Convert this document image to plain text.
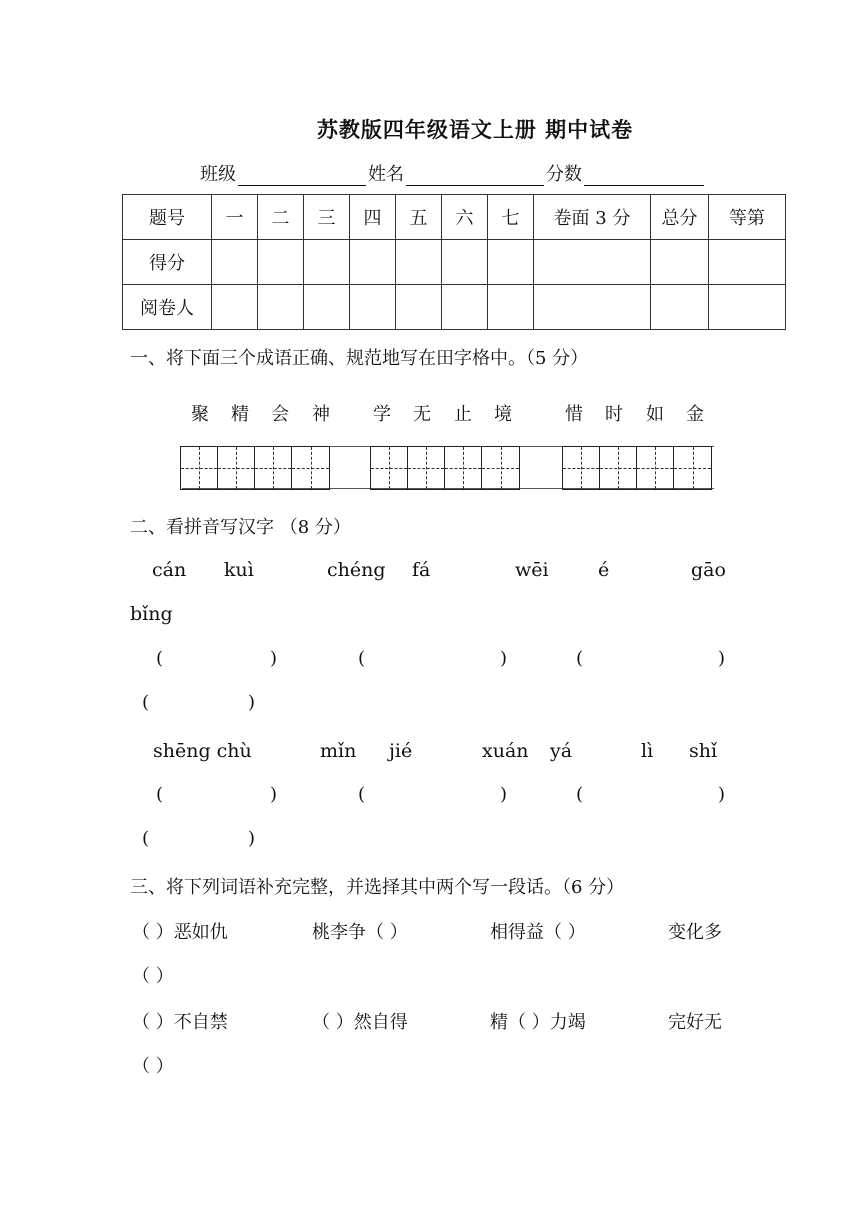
苏教版四年级语文上册 期中试卷
班级	姓名	分数
题号	一	二	三	四	五	六	七	卷面 3 分	总分	等第
得分										
阅卷人										
一、将下面三个成语正确、规范地写在田字格中。（5 分）
聚 精 会 神 学 无 止 境	惜 时 如 金
二、看拼音写汉字 （8 分）
cán kuì	chéng fá	wēi	é	gāo
bǐng
(	)	(	)	(	)
(	)
shēng chù	mǐn jié	xuán yá	lì shǐ
(	)	(	)	(	)
(	)
三、将下列词语补充完整，并选择其中两个写一段话。（6 分）
（ ）恶如仇	桃李争（ ）	相得益（ ）	变化多
（ ）
（ ）不自禁	（ ）然自得	精（ ）力竭	完好无
（ ）
